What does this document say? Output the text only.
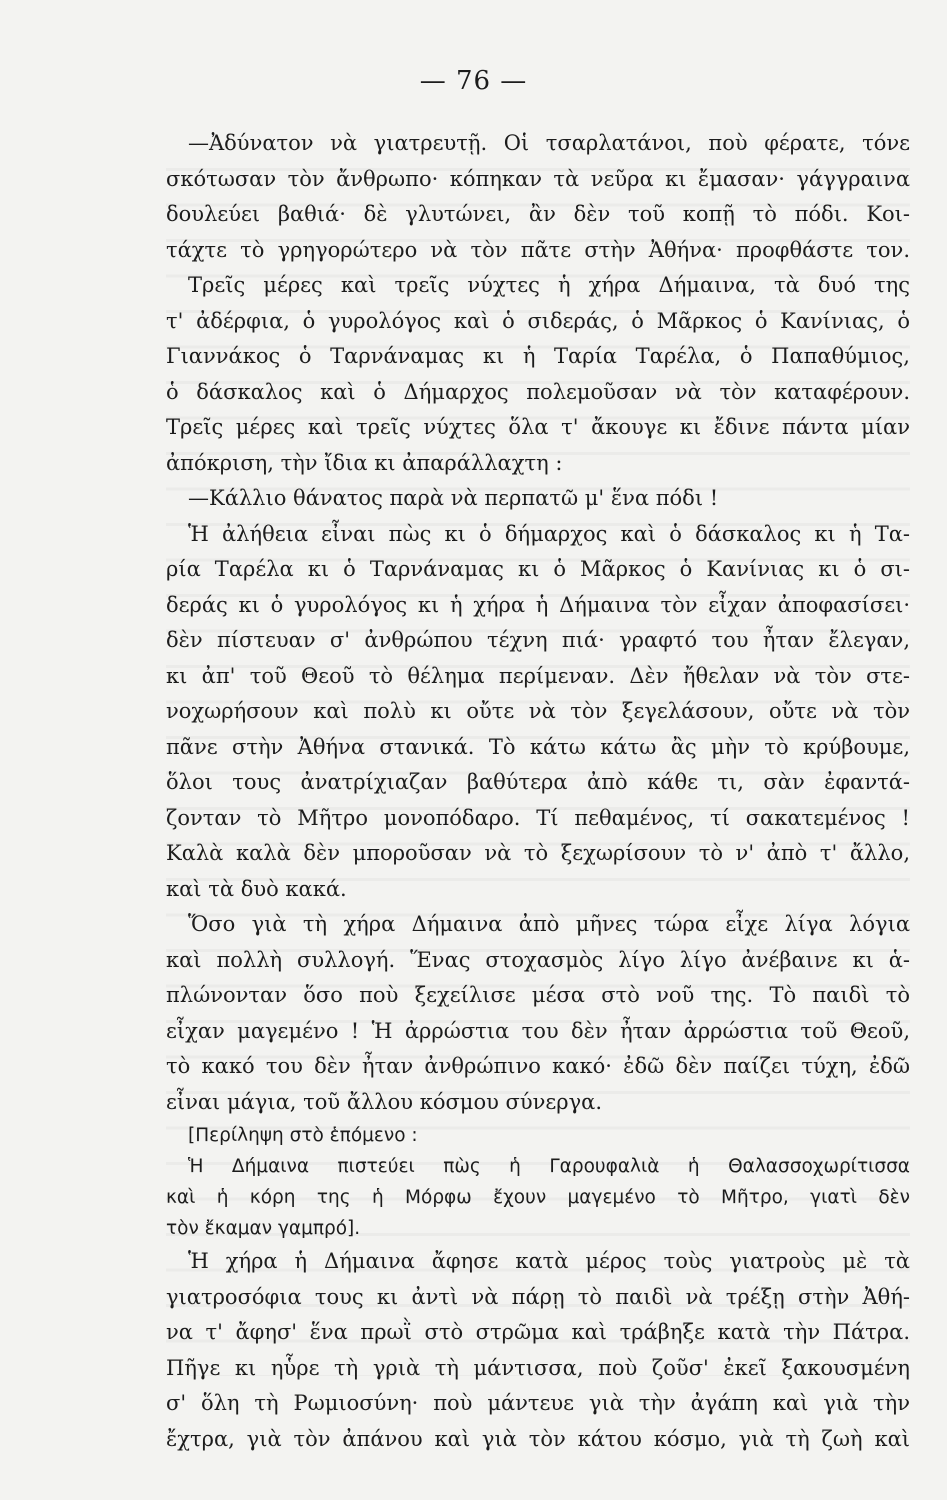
— 76 —
—Ἀδύνατον νὰ γιατρευτῇ. Οἱ τσαρλατάνοι, ποὺ φέρατε, τόνε
σκότωσαν τὸν ἄνθρωπο· κόπηκαν τὰ νεῦρα κι ἔμασαν· γάγγραινα
δουλεύει βαθιά· δὲ γλυτώνει, ἂν δὲν τοῦ κοπῇ τὸ πόδι. Κοι-
τάχτε τὸ γρηγορώτερο νὰ τὸν πᾶτε στὴν Ἀθήνα· προφθάστε τον.
Τρεῖς μέρες καὶ τρεῖς νύχτες ἡ χήρα Δήμαινα, τὰ δυό της
τ' ἀδέρφια, ὁ γυρολόγος καὶ ὁ σιδεράς, ὁ Μᾶρκος ὁ Κανίνιας, ὁ
Γιαννάκος ὁ Ταρνάναμας κι ἡ Ταρία Ταρέλα, ὁ Παπαθύμιος,
ὁ δάσκαλος καὶ ὁ Δήμαρχος πολεμοῦσαν νὰ τὸν καταφέρουν.
Τρεῖς μέρες καὶ τρεῖς νύχτες ὅλα τ' ἄκουγε κι ἔδινε πάντα μίαν
ἀπόκριση, τὴν ἴδια κι ἀπαράλλαχτη :
—Κάλλιο θάνατος παρὰ νὰ περπατῶ μ' ἕνα πόδι !
Ἡ ἀλήθεια εἶναι πὼς κι ὁ δήμαρχος καὶ ὁ δάσκαλος κι ἡ Τα-
ρία Ταρέλα κι ὁ Ταρνάναμας κι ὁ Μᾶρκος ὁ Κανίνιας κι ὁ σι-
δεράς κι ὁ γυρολόγος κι ἡ χήρα ἡ Δήμαινα τὸν εἶχαν ἀποφασίσει·
δὲν πίστευαν σ' ἀνθρώπου τέχνη πιά· γραφτό του ἦταν ἔλεγαν,
κι ἀπ' τοῦ Θεοῦ τὸ θέλημα περίμεναν. Δὲν ἤθελαν νὰ τὸν στε-
νοχωρήσουν καὶ πολὺ κι οὔτε νὰ τὸν ξεγελάσουν, οὔτε νὰ τὸν
πᾶνε στὴν Ἀθήνα στανικά. Τὸ κάτω κάτω ἂς μὴν τὸ κρύβουμε,
ὅλοι τους ἀνατρίχιαζαν βαθύτερα ἀπὸ κάθε τι, σὰν ἐφαντά-
ζονταν τὸ Μῆτρο μονοπόδαρο. Τί πεθαμένος, τί σακατεμένος !
Καλὰ καλὰ δὲν μποροῦσαν νὰ τὸ ξεχωρίσουν τὸ ν' ἀπὸ τ' ἄλλο,
καὶ τὰ δυὸ κακά.
Ὅσο γιὰ τὴ χήρα Δήμαινα ἀπὸ μῆνες τώρα εἶχε λίγα λόγια
καὶ πολλὴ συλλογή. Ἕνας στοχασμὸς λίγο λίγο ἀνέβαινε κι ἁ-
πλώνονταν ὅσο ποὺ ξεχείλισε μέσα στὸ νοῦ της. Τὸ παιδὶ τὸ
εἶχαν μαγεμένο ! Ἡ ἀρρώστια του δὲν ἦταν ἀρρώστια τοῦ Θεοῦ,
τὸ κακό του δὲν ἦταν ἀνθρώπινο κακό· ἐδῶ δὲν παίζει τύχη, ἐδῶ
εἶναι μάγια, τοῦ ἄλλου κόσμου σύνεργα.
[Περίληψη στὸ ἑπόμενο :
Ἡ Δήμαινα πιστεύει πὼς ἡ Γαρουφαλιὰ ἡ Θαλασσοχωρίτισσα
καὶ ἡ κόρη της ἡ Μόρφω ἔχουν μαγεμένο τὸ Μῆτρο, γιατὶ δὲν
τὸν ἔκαμαν γαμπρό].
Ἡ χήρα ἡ Δήμαινα ἄφησε κατὰ μέρος τοὺς γιατροὺς μὲ τὰ
γιατροσόφια τους κι ἀντὶ νὰ πάρῃ τὸ παιδὶ νὰ τρέξῃ στὴν Ἀθή-
να τ' ἄφησ' ἕνα πρωῒ στὸ στρῶμα καὶ τράβηξε κατὰ τὴν Πάτρα.
Πῆγε κι ηὗρε τὴ γριὰ τὴ μάντισσα, ποὺ ζοῦσ' ἐκεῖ ξακουσμένη
σ' ὅλη τὴ Ρωμιοσύνη· ποὺ μάντευε γιὰ τὴν ἀγάπη καὶ γιὰ τὴν
ἔχτρα, γιὰ τὸν ἀπάνου καὶ γιὰ τὸν κάτου κόσμο, γιὰ τὴ ζωὴ καὶ
